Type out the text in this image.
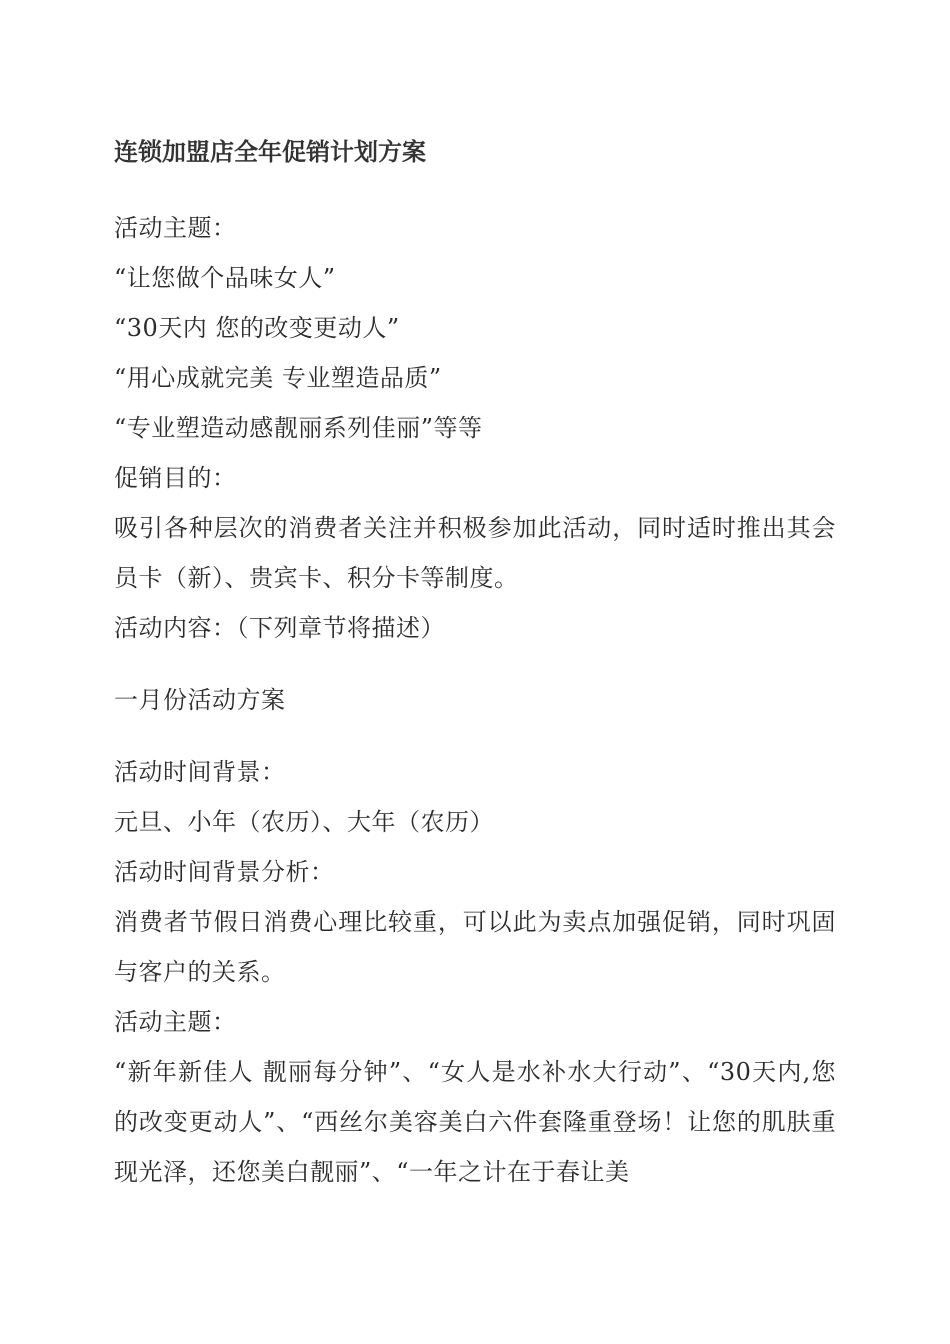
连锁加盟店全年促销计划方案

活动主题：

“让您做个品味女人”

“30天内 您的改变更动人”

“用心成就完美 专业塑造品质”

“专业塑造动感靓丽系列佳丽”等等

促销目的：

吸引各种层次的消费者关注并积极参加此活动，同时适时推出其会员卡（新）、贵宾卡、积分卡等制度。

活动内容：（下列章节将描述）

一月份活动方案

活动时间背景：

元旦、小年（农历）、大年（农历）

活动时间背景分析：

消费者节假日消费心理比较重，可以此为卖点加强促销，同时巩固与客户的关系。

活动主题：

“新年新佳人 靓丽每分钟”、“女人是水补水大行动”、“30天内,您的改变更动人”、“西丝尔美容美白六件套隆重登场！让您的肌肤重现光泽，还您美白靓丽”、“一年之计在于春让美
